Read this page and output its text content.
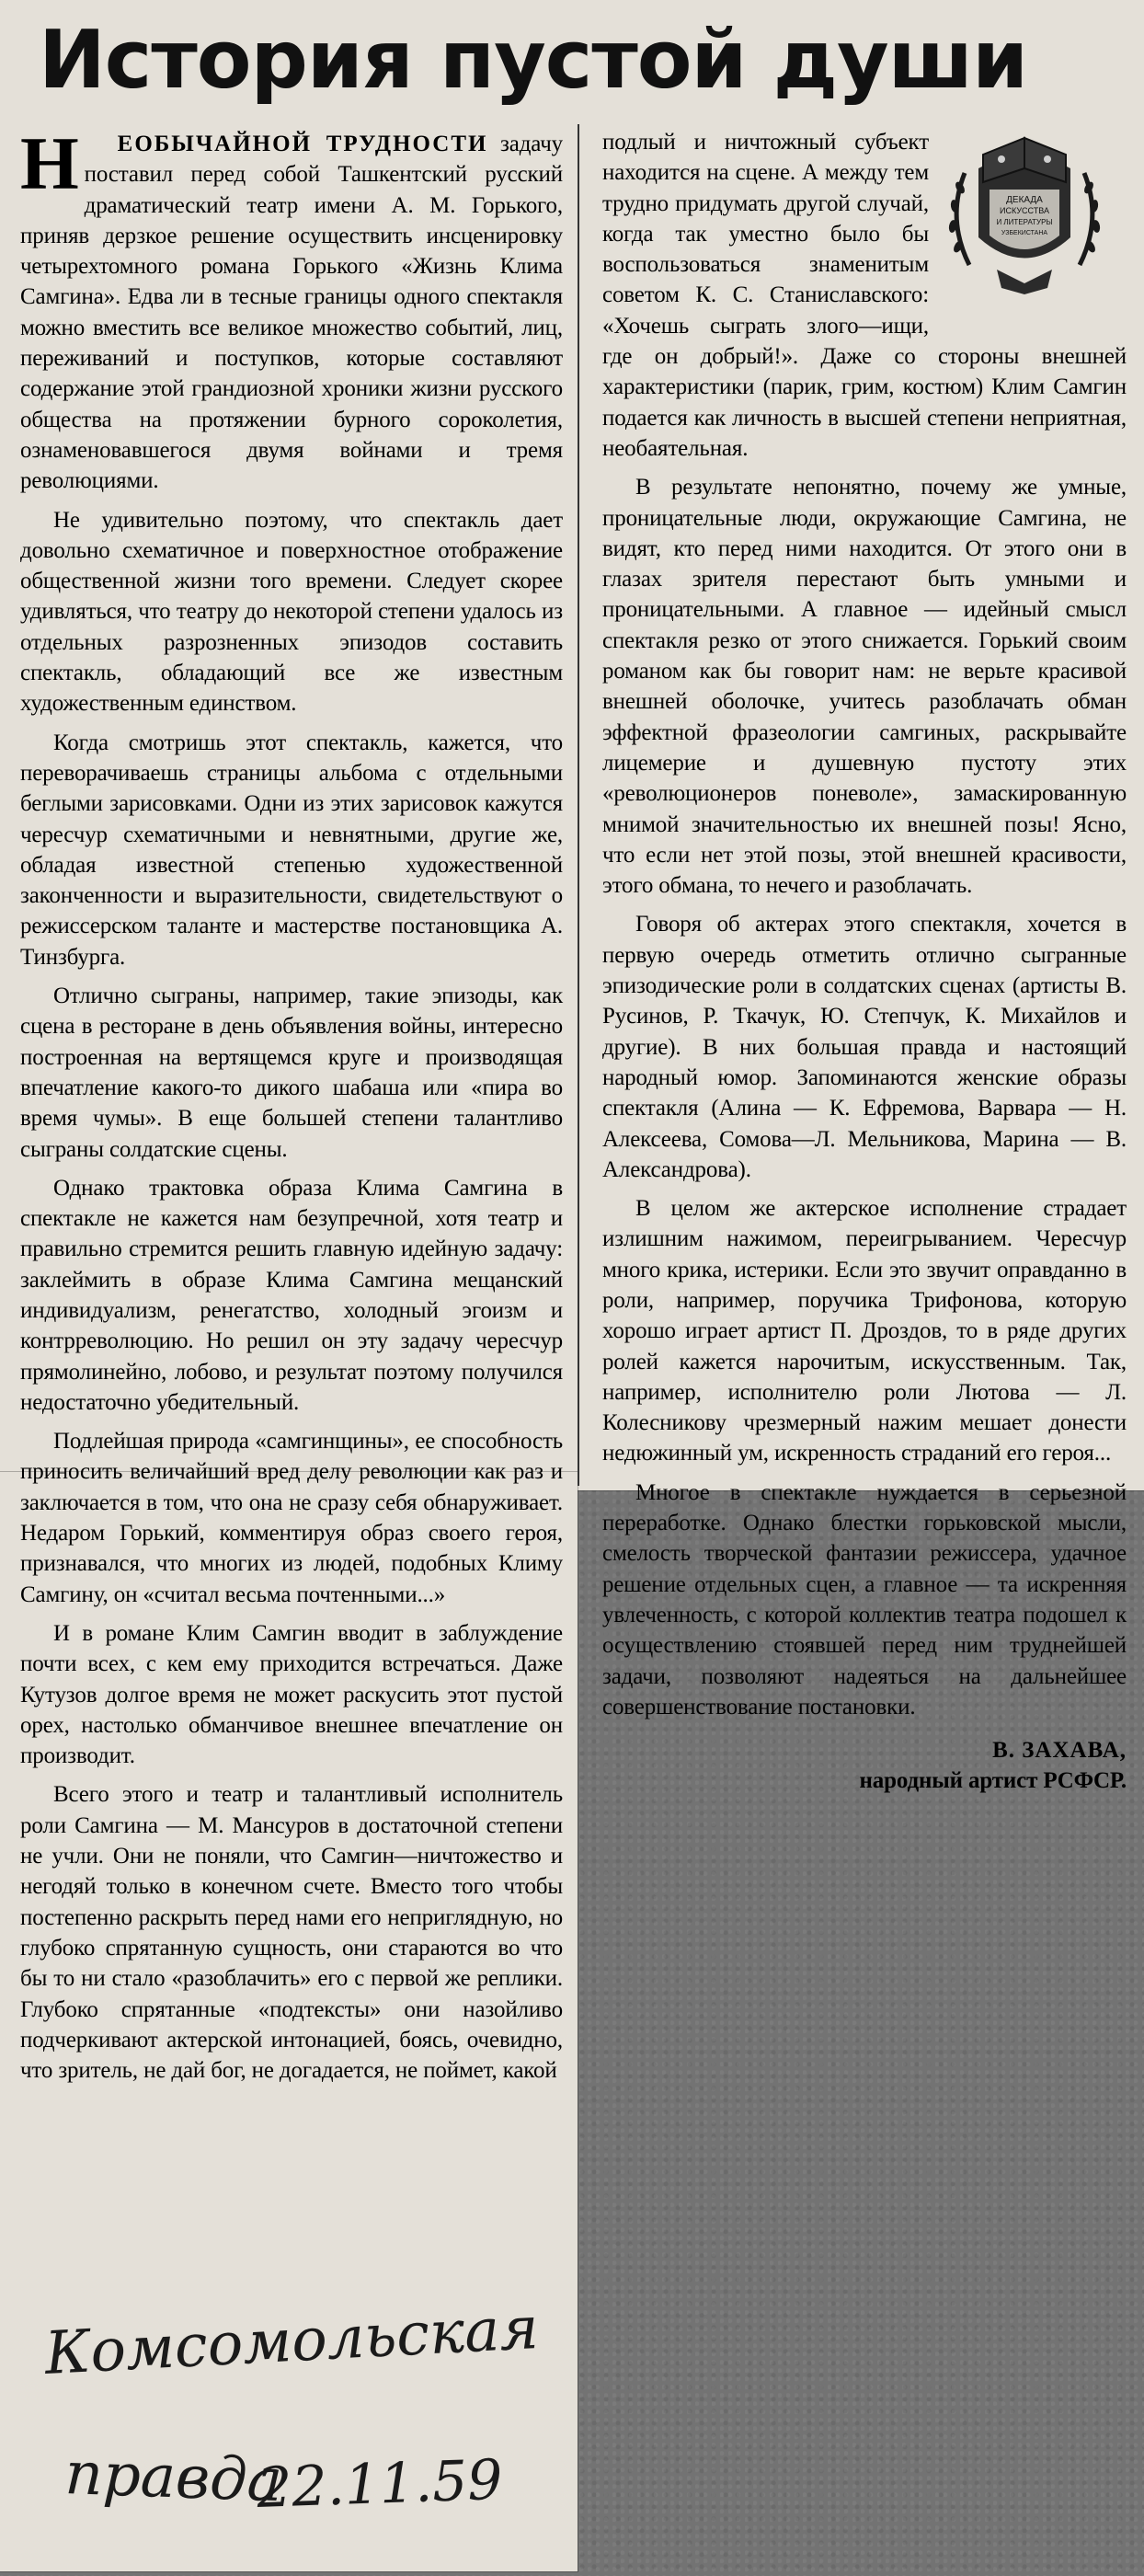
История пустой души
ДЕКАДА
ИСКУССТВА
И ЛИТЕРАТУРЫ
УЗБЕКИСТАНА

Н ЕОБЫЧАЙНОЙ ТРУДНОСТИ задачу поставил перед собой Ташкентский русский драматический театр имени А. М. Горького, приняв дерзкое решение осуществить инсценировку четырехтомного романа Горького «Жизнь Клима Самгина». Едва ли в тесные границы одного спектакля можно вместить все великое множество событий, лиц, переживаний и поступков, которые составляют содержание этой грандиозной хроники жизни русского общества на протяжении бурного сороколетия, ознаменовавшегося двумя войнами и тремя революциями.

Не удивительно поэтому, что спектакль дает довольно схематичное и поверхностное отображение общественной жизни того времени. Следует скорее удивляться, что театру до некоторой степени удалось из отдельных разрозненных эпизодов составить спектакль, обладающий все же известным художественным единством.

Когда смотришь этот спектакль, кажется, что переворачиваешь страницы альбома с отдельными беглыми зарисовками. Одни из этих зарисовок кажутся чересчур схематичными и невнятными, другие же, обладая известной степенью художественной законченности и выразительности, свидетельствуют о режиссерском таланте и мастерстве постановщика А. Тинзбурга.

Отлично сыграны, например, такие эпизоды, как сцена в ресторане в день объявления войны, интересно построенная на вертящемся круге и производящая впечатление какого-то дикого шабаша или «пира во время чумы». В еще большей степени талантливо сыграны солдатские сцены.

Однако трактовка образа Клима Самгина в спектакле не кажется нам безупречной, хотя театр и правильно стремится решить главную идейную задачу: заклеймить в образе Клима Самгина мещанский индивидуализм, ренегатство, холодный эгоизм и контрреволюцию. Но решил он эту задачу чересчур прямолинейно, лобово, и результат поэтому получился недостаточно убедительный.

Подлейшая природа «самгинщины», ее способность приносить величайший вред делу революции как раз и заключается в том, что она не сразу себя обнаруживает. Недаром Горький, комментируя образ своего героя, признавался, что многих из людей, подобных Климу Самгину, он «считал весьма почтенными...»

И в романе Клим Самгин вводит в заблуждение почти всех, с кем ему приходится встречаться. Даже Кутузов долгое время не может раскусить этот пустой орех, настолько обманчивое внешнее впечатление он производит.

Всего этого и театр и талантливый исполнитель роли Самгина — М. Мансуров в достаточной степени не учли. Они не поняли, что Самгин—ничтожество и негодяй только в конечном счете. Вместо того чтобы постепенно раскрыть перед нами его неприглядную, но глубоко спрятанную сущность, они стараются во что бы то ни стало «разоблачить» его с первой же реплики. Глубоко спрятанные «подтексты» они назойливо подчеркивают актерской интонацией, боясь, очевидно, что зритель, не дай бог, не догадается, не поймет, какой

подлый и ничтожный субъект находится на сцене. А между тем трудно придумать другой случай, когда так уместно было бы воспользоваться знаменитым советом К. С. Станиславского: «Хочешь сыграть злого—ищи, где он добрый!». Даже со стороны внешней характеристики (парик, грим, костюм) Клим Самгин подается как личность в высшей степени неприятная, необаятельная.

В результате непонятно, почему же умные, проницательные люди, окружающие Самгина, не видят, кто перед ними находится. От этого они в глазах зрителя перестают быть умными и проницательными. А главное — идейный смысл спектакля резко от этого снижается. Горький своим романом как бы говорит нам: не верьте красивой внешней оболочке, учитесь разоблачать обман эффектной фразеологии самгиных, раскрывайте лицемерие и душевную пустоту этих «революционеров поневоле», замаскированную мнимой значительностью их внешней позы! Ясно, что если нет этой позы, этой внешней красивости, этого обмана, то нечего и разоблачать.

Говоря об актерах этого спектакля, хочется в первую очередь отметить отлично сыгранные эпизодические роли в солдатских сценах (артисты В. Русинов, Р. Ткачук, Ю. Степчук, К. Михайлов и другие). В них большая правда и настоящий народный юмор. Запоминаются женские образы спектакля (Алина — К. Ефремова, Варвара — Н. Алексеева, Сомова—Л. Мельникова, Марина — В. Александрова).

В целом же актерское исполнение страдает излишним нажимом, переигрыванием. Чересчур много крика, истерики. Если это звучит оправданно в роли, например, поручика Трифонова, которую хорошо играет артист П. Дроздов, то в ряде других ролей кажется нарочитым, искусственным. Так, например, исполнителю роли Лютова — Л. Колесникову чрезмерный нажим мешает донести недюжинный ум, искренность страданий его героя...

Многое в спектакле нуждается в серьезной переработке. Однако блестки горьковской мысли, смелость творческой фантазии режиссера, удачное решение отдельных сцен, а главное — та искренняя увлеченность, с которой коллектив театра подошел к осуществлению стоявшей перед ним труднейшей задачи, позволяют надеяться на дальнейшее совершенствование постановки.

В. ЗАХАВА,

народный артист РСФСР.

Комсомольская
правда
22.11.59
